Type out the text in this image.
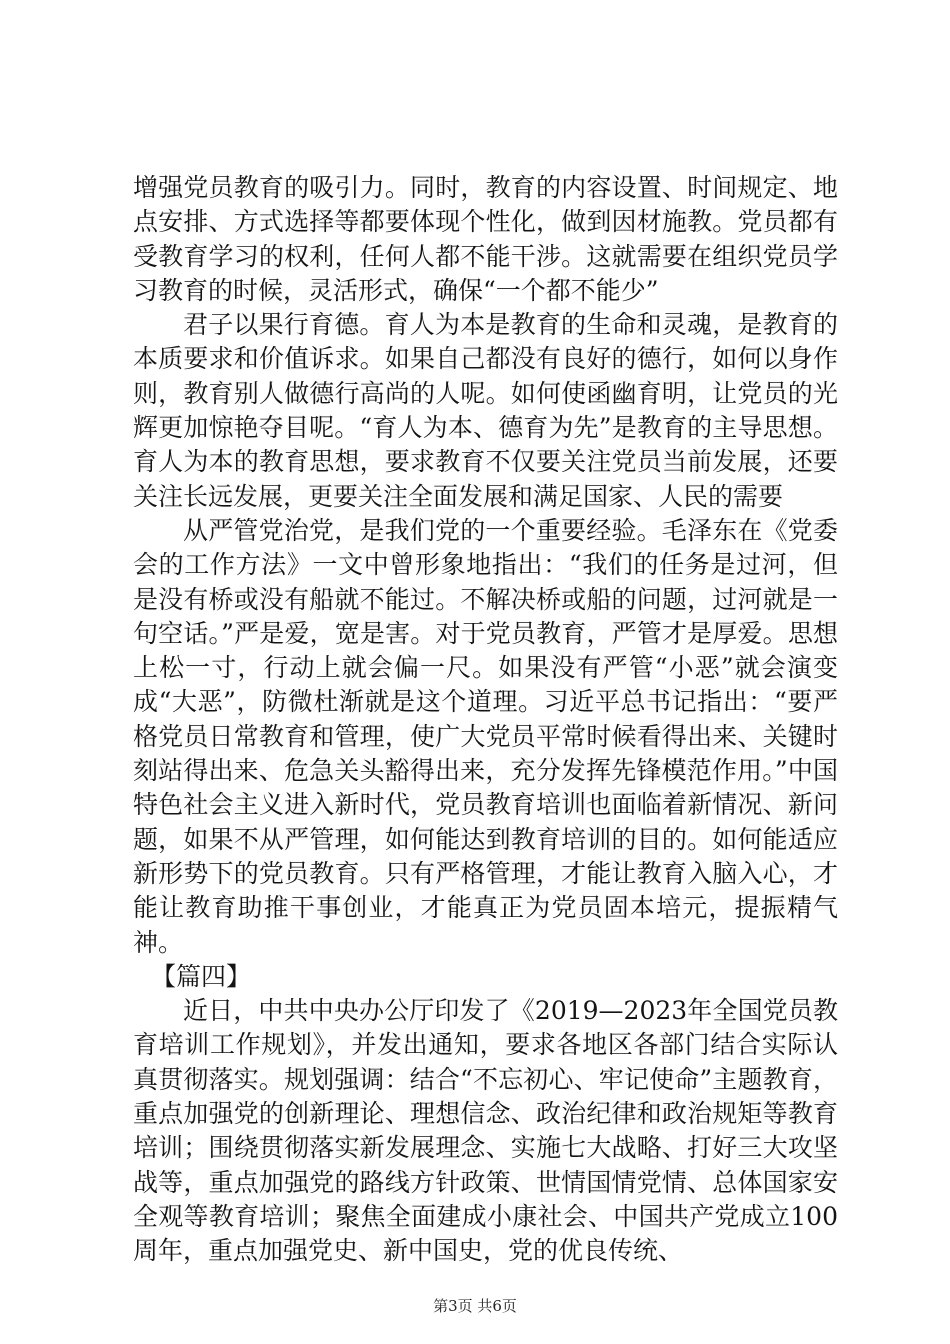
增强党员教育的吸引力。同时，教育的内容设置、时间规定、地点安排、方式选择等都要体现个性化，做到因材施教。党员都有受教育学习的权利，任何人都不能干涉。这就需要在组织党员学习教育的时候，灵活形式，确保“一个都不能少”

君子以果行育德。育人为本是教育的生命和灵魂，是教育的本质要求和价值诉求。如果自己都没有良好的德行，如何以身作则，教育别人做德行高尚的人呢。如何使函幽育明，让党员的光辉更加惊艳夺目呢。“育人为本、德育为先”是教育的主导思想。育人为本的教育思想，要求教育不仅要关注党员当前发展，还要关注长远发展，更要关注全面发展和满足国家、人民的需要

从严管党治党，是我们党的一个重要经验。毛泽东在《党委会的工作方法》一文中曾形象地指出：“我们的任务是过河，但是没有桥或没有船就不能过。不解决桥或船的问题，过河就是一句空话。”严是爱，宽是害。对于党员教育，严管才是厚爱。思想上松一寸，行动上就会偏一尺。如果没有严管“小恶”就会演变成“大恶”，防微杜渐就是这个道理。习近平总书记指出：“要严格党员日常教育和管理，使广大党员平常时候看得出来、关键时刻站得出来、危急关头豁得出来，充分发挥先锋模范作用。”中国特色社会主义进入新时代，党员教育培训也面临着新情况、新问题，如果不从严管理，如何能达到教育培训的目的。如何能适应新形势下的党员教育。只有严格管理，才能让教育入脑入心，才能让教育助推干事创业，才能真正为党员固本培元，提振精气神。

【篇四】

近日，中共中央办公厅印发了《2019—2023年全国党员教育培训工作规划》，并发出通知，要求各地区各部门结合实际认真贯彻落实。规划强调：结合“不忘初心、牢记使命”主题教育，重点加强党的创新理论、理想信念、政治纪律和政治规矩等教育培训；围绕贯彻落实新发展理念、实施七大战略、打好三大攻坚战等，重点加强党的路线方针政策、世情国情党情、总体国家安全观等教育培训；聚焦全面建成小康社会、中国共产党成立100周年，重点加强党史、新中国史，党的优良传统、

第3页 共6页
